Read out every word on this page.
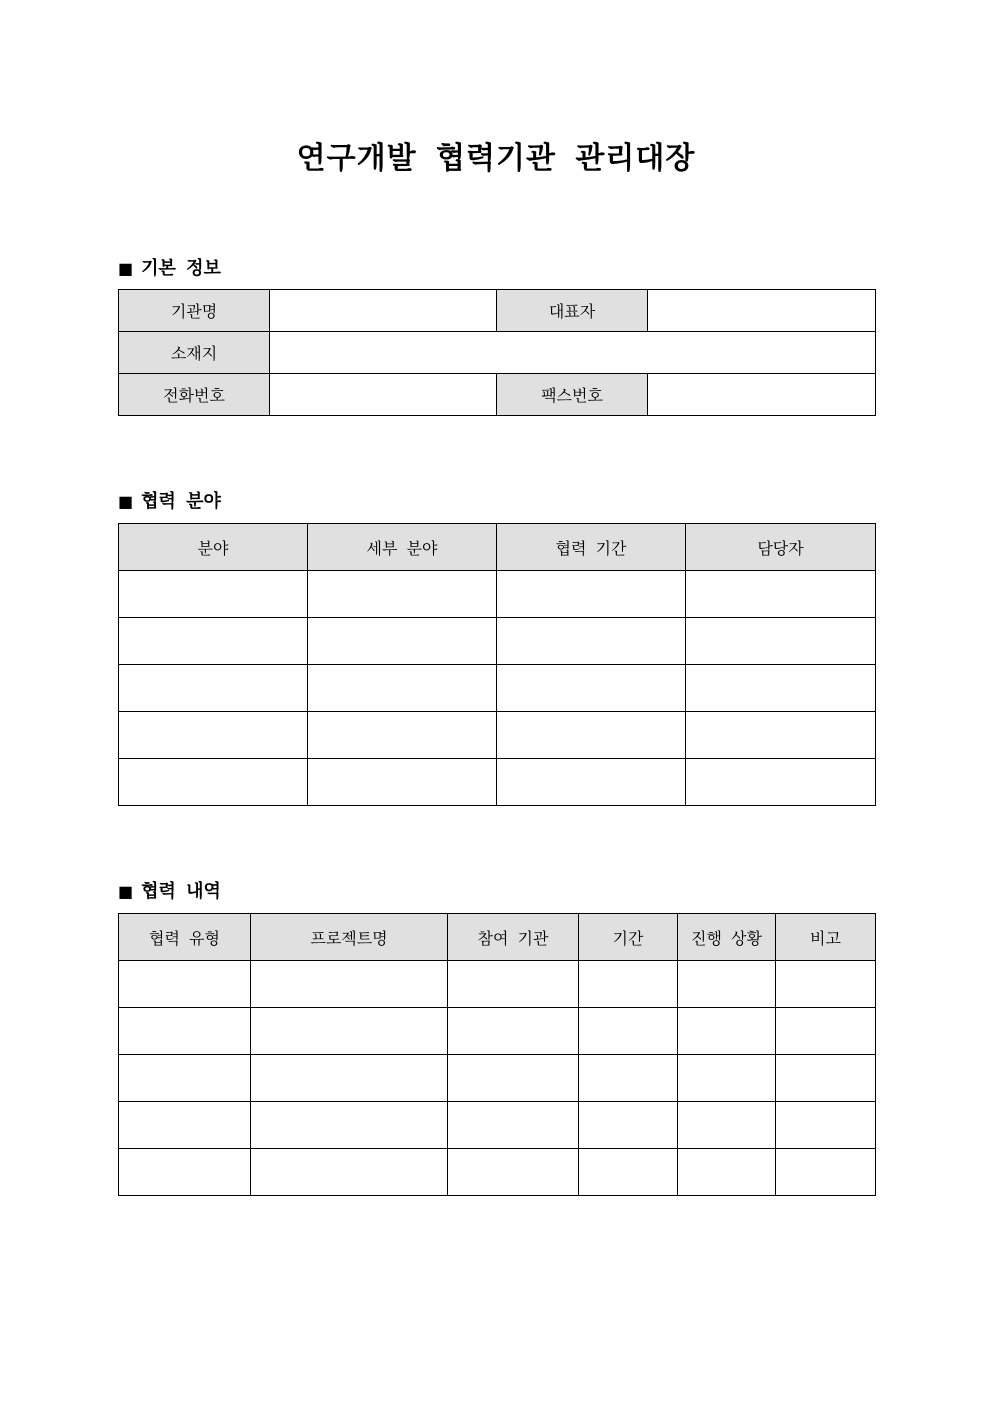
연구개발 협력기관 관리대장
■ 기본 정보
기관명		대표자	
소재지			
전화번호		팩스번호	
■ 협력 분야
분야	세부 분야	협력 기간	담당자

■ 협력 내역
협력 유형	프로젝트명	참여 기관	기간	진행 상황	비고
